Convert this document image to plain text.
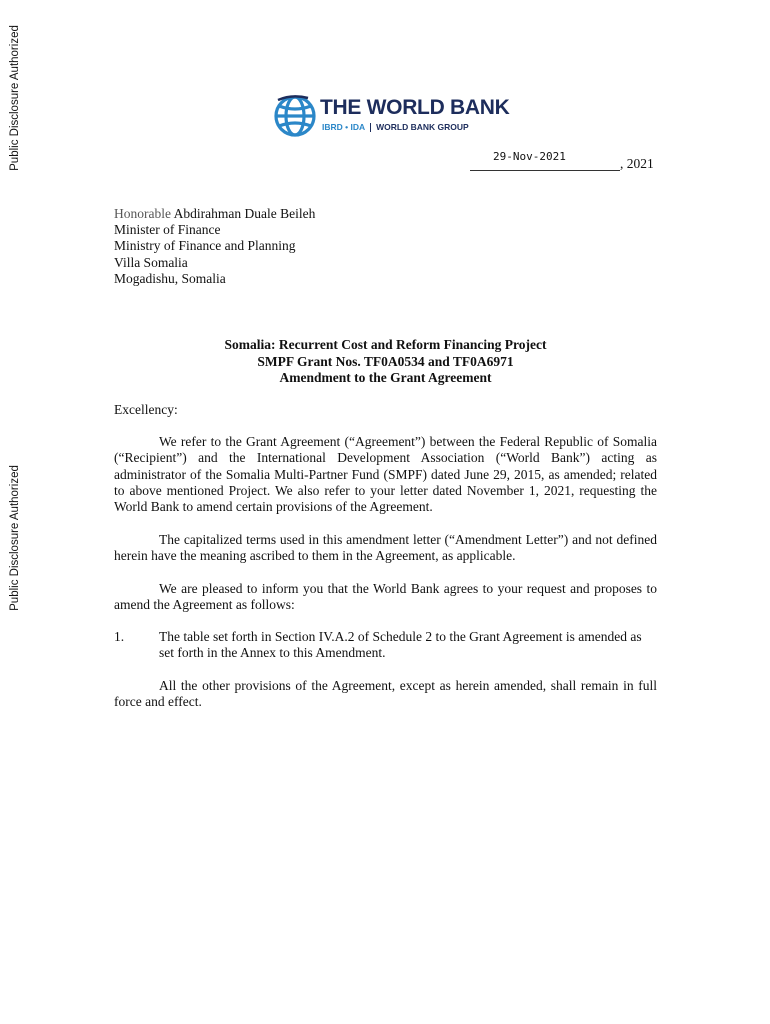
Public Disclosure Authorized
Public Disclosure Authorized
THE WORLD BANK
IBRD • IDA WORLD BANK GROUP
29-Nov-2021	, 2021
Honorable Abdirahman Duale Beileh
Minister of Finance
Ministry of Finance and Planning
Villa Somalia
Mogadishu, Somalia
Somalia: Recurrent Cost and Reform Financing Project
SMPF Grant Nos. TF0A0534 and TF0A6971
Amendment to the Grant Agreement
Excellency:

We refer to the Grant Agreement (“Agreement”) between the Federal Republic of Somalia (“Recipient”) and the International Development Association (“World Bank”) acting as administrator of the Somalia Multi-Partner Fund (SMPF) dated June 29, 2015, as amended; related to above mentioned Project. We also refer to your letter dated November 1, 2021, requesting the World Bank to amend certain provisions of the Agreement.

The capitalized terms used in this amendment letter (“Amendment Letter”) and not defined herein have the meaning ascribed to them in the Agreement, as applicable.

We are pleased to inform you that the World Bank agrees to your request and proposes to amend the Agreement as follows:

1.	The table set forth in Section IV.A.2 of Schedule 2 to the Grant Agreement is amended as set forth in the Annex to this Amendment.

All the other provisions of the Agreement, except as herein amended, shall remain in full force and effect.
